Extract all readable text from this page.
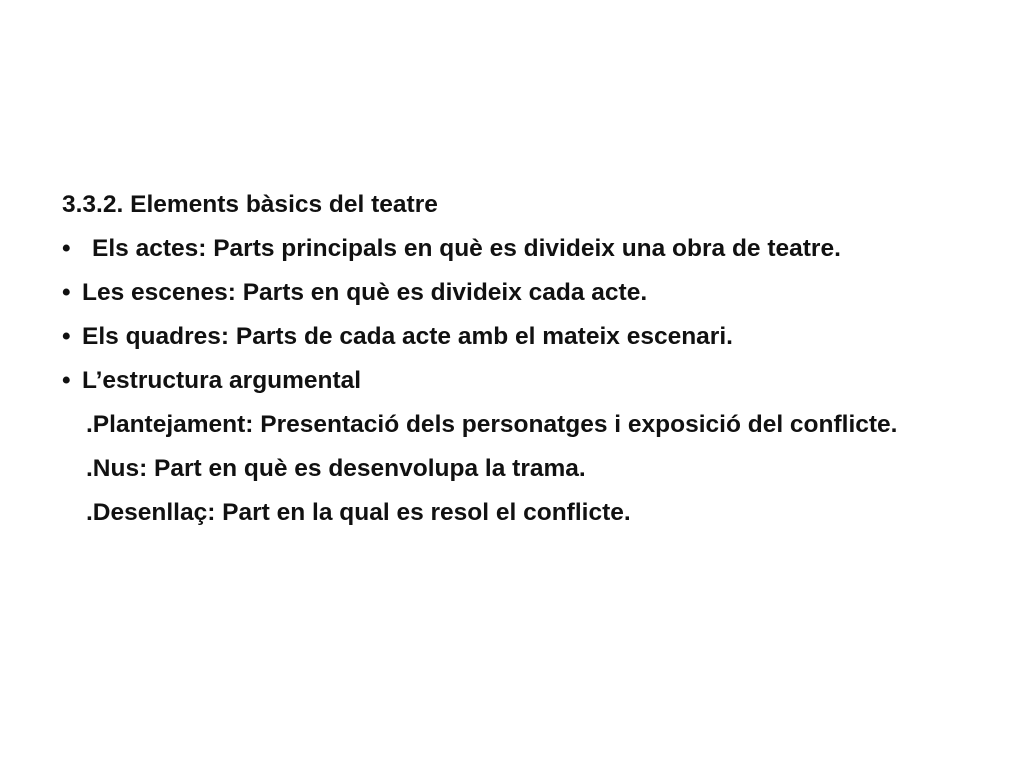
3.3.2. Elements bàsics del teatre
• Els actes: Parts principals en què es divideix una obra de teatre.
• Les escenes: Parts en què es divideix cada acte.
• Els quadres: Parts de cada acte amb el mateix escenari.
• L’estructura argumental
.Plantejament: Presentació dels personatges i exposició del conflicte.
.Nus: Part en què es desenvolupa la trama.
.Desenllaç: Part en la qual es resol el conflicte.
